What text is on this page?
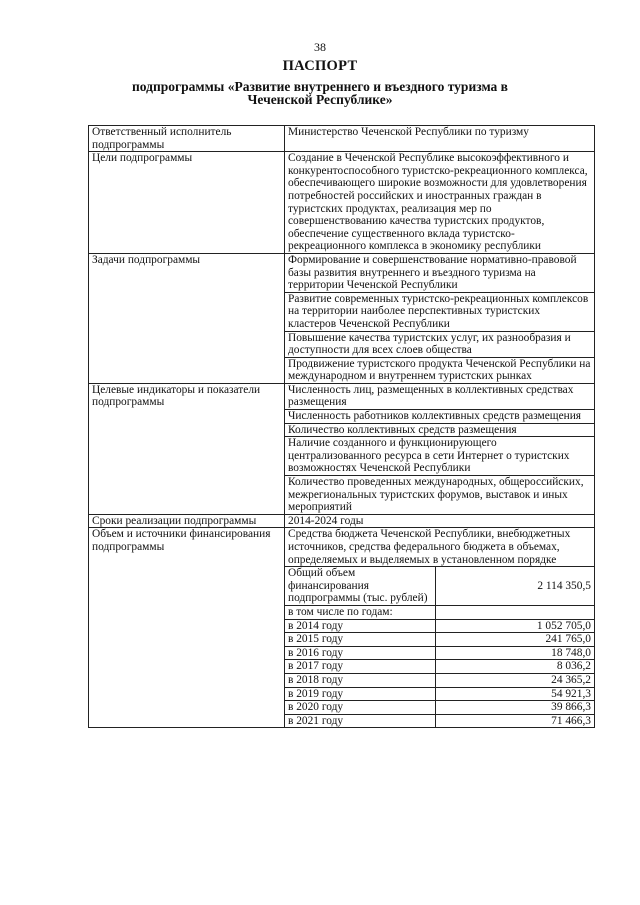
38
ПАСПОРТ
подпрограммы «Развитие внутреннего и въездного туризма в Чеченской Республике»
Ответственный исполнитель подпрограммы	Министерство Чеченской Республики по туризму	
Цели подпрограммы	Создание в Чеченской Республике высокоэффективного и конкурентоспособного туристско-рекреационного комплекса, обеспечивающего широкие возможности для удовлетворения потребностей российских и иностранных граждан в туристских продуктах, реализация мер по совершенствованию качества туристских продуктов, обеспечение существенного вклада туристско-рекреационного комплекса в экономику республики	
Задачи подпрограммы	Формирование и совершенствование нормативно-правовой базы развития внутреннего и въездного туризма на территории Чеченской Республики	
	Развитие современных туристско-рекреационных комплексов на территории наиболее перспективных туристских кластеров Чеченской Республики	
	Повышение качества туристских услуг, их разнообразия и доступности для всех слоев общества	
	Продвижение туристского продукта Чеченской Республики на международном и внутреннем туристских рынках	
Целевые индикаторы и показатели подпрограммы	Численность лиц, размещенных в коллективных средствах размещения	
	Численность работников коллективных средств размещения	
	Количество коллективных средств размещения	
	Наличие созданного и функционирующего централизованного ресурса в сети Интернет о туристских возможностях Чеченской Республики	
	Количество проведенных международных, общероссийских, межрегиональных туристских форумов, выставок и иных мероприятий	
Сроки реализации подпрограммы	2014-2024 годы	
Объем и источники финансирования подпрограммы	Средства бюджета Чеченской Республики, внебюджетных источников, средства федерального бюджета в объемах, определяемых и выделяемых в установленном порядке	
	Общий объем финансирования подпрограммы (тыс. рублей)	2 114 350,5
	в том числе по годам:	
	в 2014 году	1 052 705,0
	в 2015 году	241 765,0
	в 2016 году	18 748,0
	в 2017 году	8 036,2
	в 2018 году	24 365,2
	в 2019 году	54 921,3
	в 2020 году	39 866,3
	в 2021 году	71 466,3
